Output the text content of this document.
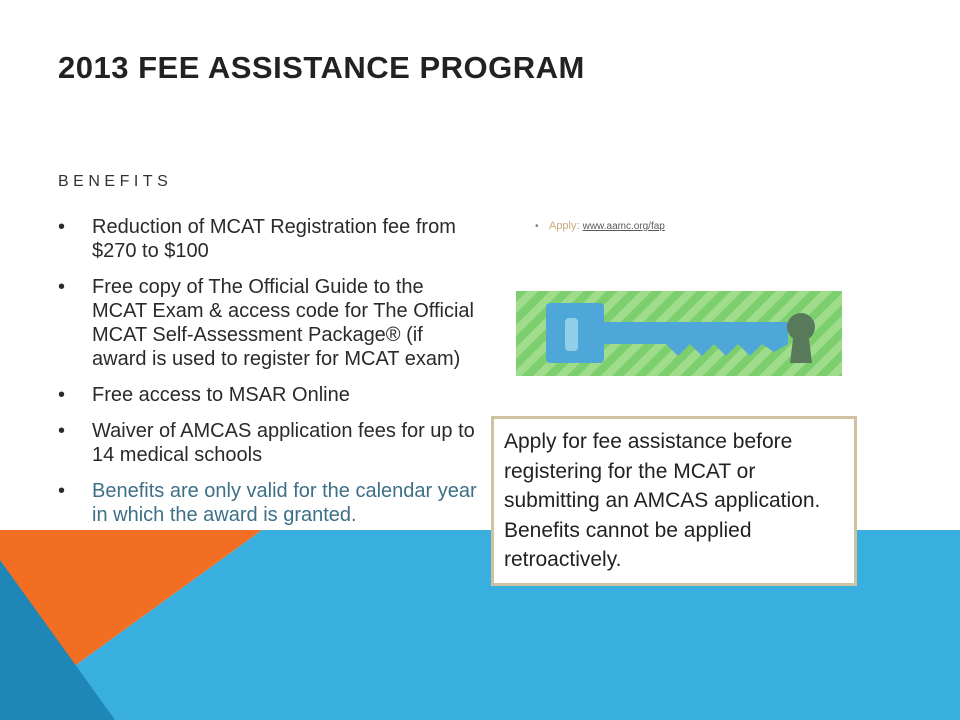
2013 FEE ASSISTANCE PROGRAM
BENEFITS
•	Reduction of MCAT Registration fee from $270 to $100
•	Free copy of The Official Guide to the MCAT Exam & access code for The Official MCAT Self-Assessment Package® (if award is used to register for MCAT exam)
•	Free access to MSAR Online
•	Waiver of AMCAS application fees for up to 14 medical schools
•	Benefits are only valid for the calendar year in which the award is granted.
• Apply: www.aamc.org/fap
Apply for fee assistance before registering for the MCAT or submitting an AMCAS application. Benefits cannot be applied retroactively.
